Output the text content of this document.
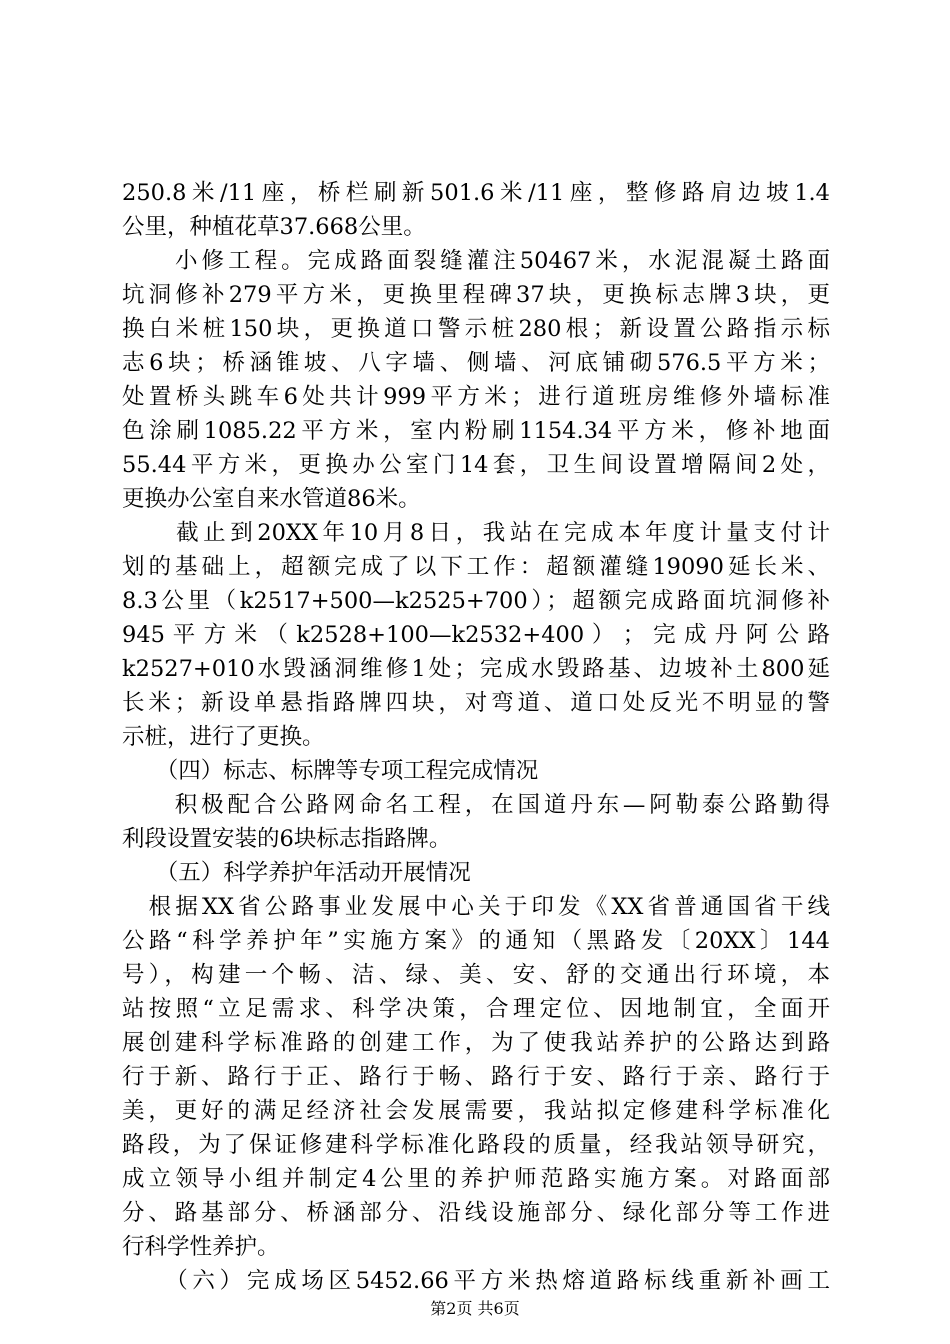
250.8米/11座，桥栏刷新501.6米/11座，整修路肩边坡1.4
公里，种植花草37.668公里。
　　小修工程。完成路面裂缝灌注50467米，水泥混凝土路面
坑洞修补279平方米，更换里程碑37块，更换标志牌3块，更
换白米桩150块，更换道口警示桩280根；新设置公路指示标
志6块；桥涵锥坡、八字墙、侧墙、河底铺砌576.5平方米；
处置桥头跳车6处共计999平方米；进行道班房维修外墙标准
色涂刷1085.22平方米，室内粉刷1154.34平方米，修补地面
55.44平方米，更换办公室门14套，卫生间设置增隔间2处，
更换办公室自来水管道86米。
　　截止到20XX年10月8日，我站在完成本年度计量支付计
划的基础上，超额完成了以下工作：超额灌缝19090延长米、
8.3公里（k2517+500—k2525+700）；超额完成路面坑洞修补
945 平 方 米 （ k2528+100—k2532+400 ） ； 完 成 丹 阿 公 路
k2527+010水毁涵洞维修1处；完成水毁路基、边坡补土800延
长米；新设单悬指路牌四块，对弯道、道口处反光不明显的警
示桩，进行了更换。
　　（四）标志、标牌等专项工程完成情况
　　积极配合公路网命名工程，在国道丹东—阿勒泰公路勤得
利段设置安装的6块标志指路牌。
　　（五）科学养护年活动开展情况
　根据XX省公路事业发展中心关于印发《XX省普通国省干线
公路“科学养护年”实施方案》的通知（黑路发〔20XX〕144
号），构建一个畅、洁、绿、美、安、舒的交通出行环境，本
站按照“立足需求、科学决策，合理定位、因地制宜，全面开
展创建科学标准路的创建工作，为了使我站养护的公路达到路
行于新、路行于正、路行于畅、路行于安、路行于亲、路行于
美，更好的满足经济社会发展需要，我站拟定修建科学标准化
路段，为了保证修建科学标准化路段的质量，经我站领导研究，
成立领导小组并制定4公里的养护师范路实施方案。对路面部
分、路基部分、桥涵部分、沿线设施部分、绿化部分等工作进
行科学性养护。
　　（六）完成场区5452.66平方米热熔道路标线重新补画工
第2页 共6页
